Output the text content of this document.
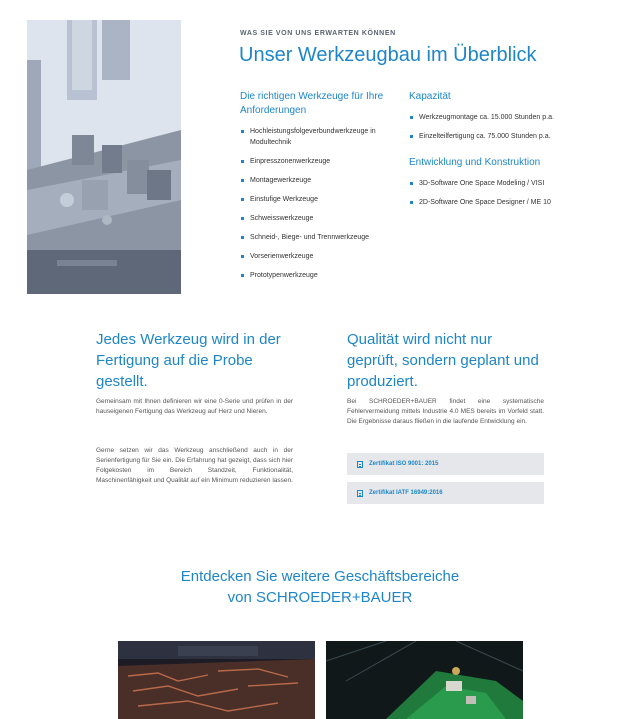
WAS SIE VON UNS ERWARTEN KÖNNEN
Unser Werkzeugbau im Überblick
Die richtigen Werkzeuge für Ihre Anforderungen
Hochleistungsfolgeverbundwerkzeuge in Modultechnik
Einpresszonenwerkzeuge
Montagewerkzeuge
Einstufige Werkzeuge
Schweisswerkzeuge
Schneid-, Biege- und Trennwerkzeuge
Vorserienwerkzeuge
Prototypenwerkzeuge
Kapazität
Werkzeugmontage ca. 15.000 Stunden p.a.
Einzelteilfertigung ca. 75.000 Stunden p.a.
Entwicklung und Konstruktion
3D-Software One Space Modeling / VISI
2D-Software One Space Designer / ME 10
Jedes Werkzeug wird in der Fertigung auf die Probe gestellt.

Gemeinsam mit Ihnen definieren wir eine 0-Serie und prüfen in der hauseigenen Fertigung das Werkzeug auf Herz und Nieren.

Gerne setzen wir das Werkzeug anschließend auch in der Serienfertigung für Sie ein. Die Erfahrung hat gezeigt, dass sich hier Folgekosten im Bereich Standzeit, Funktionalität, Maschinenfähigkeit und Qualität auf ein Minimum reduzieren lassen.

Qualität wird nicht nur geprüft, sondern geplant und produziert.

Bei SCHROEDER+BAUER findet eine systematische Fehlervermeidung mittels Industrie 4.0 MES bereits im Vorfeld statt. Die Ergebnisse daraus fließen in die laufende Entwicklung ein.

Zertifikat ISO 9001: 2015
Zertifikat IATF 16949:2016
Entdecken Sie weitere Geschäftsbereiche
von SCHROEDER+BAUER
